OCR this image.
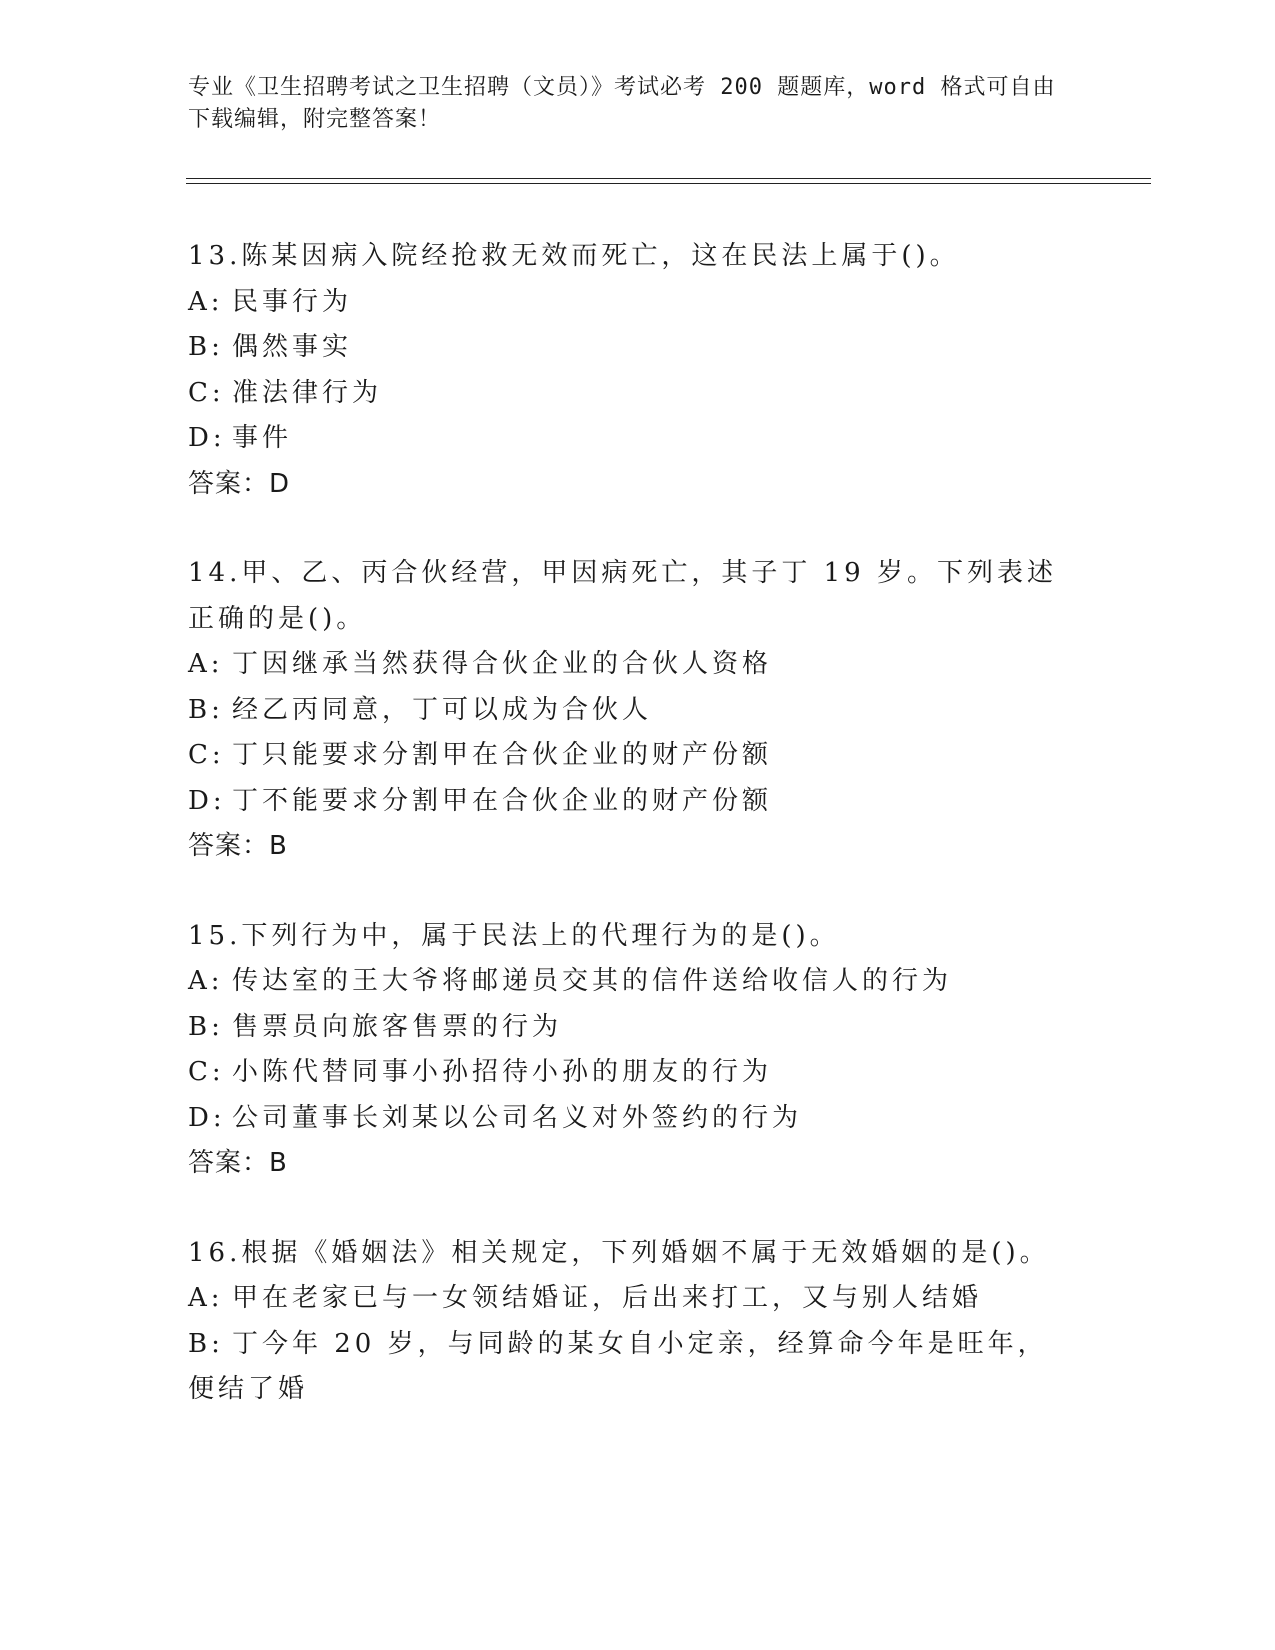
专业《卫生招聘考试之卫生招聘（文员）》考试必考 200 题题库，word 格式可自由下载编辑，附完整答案！
13.陈某因病入院经抢救无效而死亡，这在民法上属于()。
A: 民事行为
B: 偶然事实
C: 准法律行为
D: 事件
答案：D
14.甲、乙、丙合伙经营，甲因病死亡，其子丁 19 岁。下列表述正确的是()。
A: 丁因继承当然获得合伙企业的合伙人资格
B: 经乙丙同意，丁可以成为合伙人
C: 丁只能要求分割甲在合伙企业的财产份额
D: 丁不能要求分割甲在合伙企业的财产份额
答案：B
15.下列行为中，属于民法上的代理行为的是()。
A: 传达室的王大爷将邮递员交其的信件送给收信人的行为
B: 售票员向旅客售票的行为
C: 小陈代替同事小孙招待小孙的朋友的行为
D: 公司董事长刘某以公司名义对外签约的行为
答案：B
16.根据《婚姻法》相关规定，下列婚姻不属于无效婚姻的是()。
A: 甲在老家已与一女领结婚证，后出来打工，又与别人结婚
B: 丁今年 20 岁，与同龄的某女自小定亲，经算命今年是旺年，便结了婚
